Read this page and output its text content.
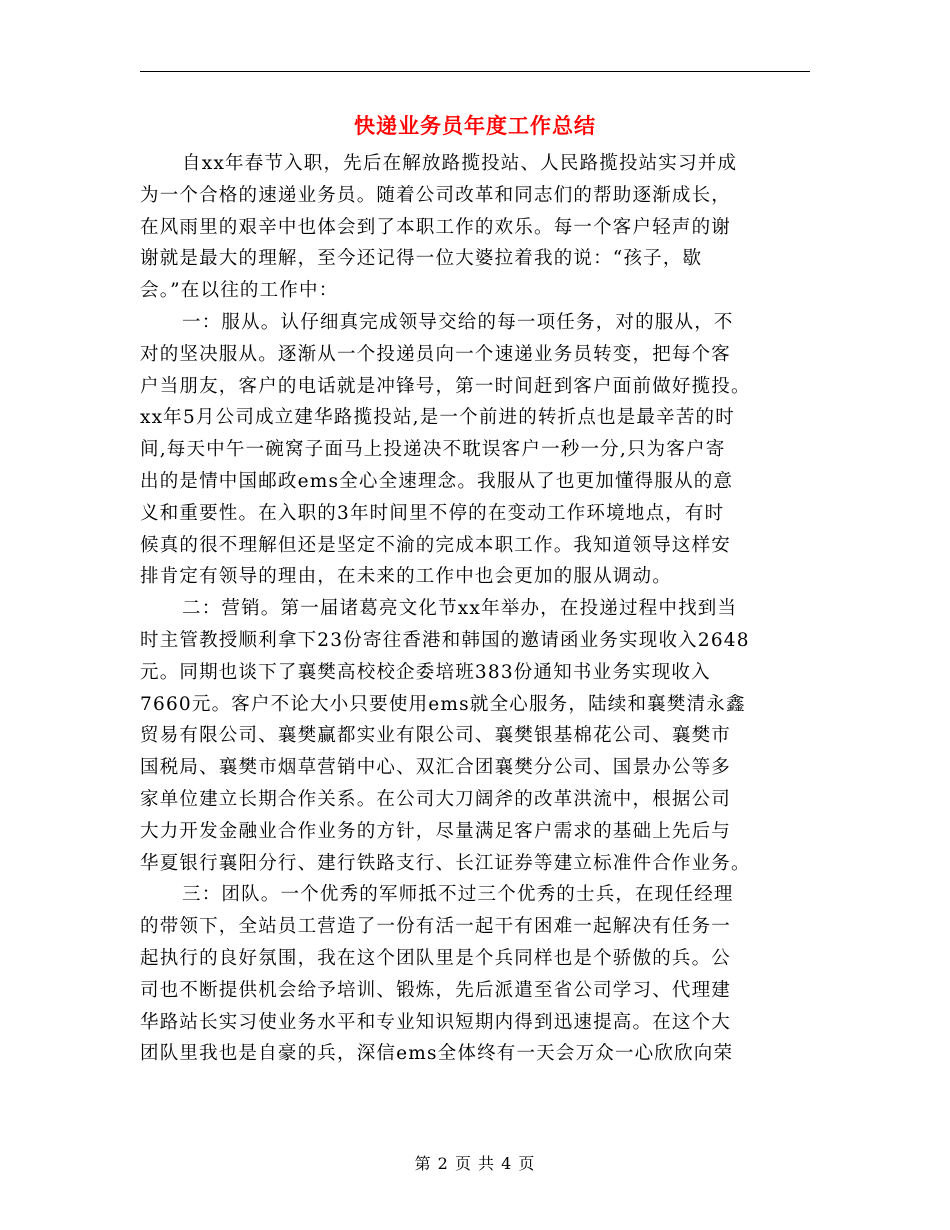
快递业务员年度工作总结
自xx年春节入职，先后在解放路揽投站、人民路揽投站实习并成
为一个合格的速递业务员。随着公司改革和同志们的帮助逐渐成长，
在风雨里的艰辛中也体会到了本职工作的欢乐。每一个客户轻声的谢
谢就是最大的理解，至今还记得一位大婆拉着我的说：“孩子，歇
会。”在以往的工作中：
一：服从。认仔细真完成领导交给的每一项任务，对的服从，不
对的坚决服从。逐渐从一个投递员向一个速递业务员转变，把每个客
户当朋友，客户的电话就是冲锋号，第一时间赶到客户面前做好揽投。
xx年5月公司成立建华路揽投站,是一个前进的转折点也是最辛苦的时
间,每天中午一碗窝子面马上投递决不耽误客户一秒一分,只为客户寄
出的是情中国邮政ems全心全速理念。我服从了也更加懂得服从的意
义和重要性。在入职的3年时间里不停的在变动工作环境地点，有时
候真的很不理解但还是坚定不渝的完成本职工作。我知道领导这样安
排肯定有领导的理由，在未来的工作中也会更加的服从调动。
二：营销。第一届诸葛亮文化节xx年举办，在投递过程中找到当
时主管教授顺利拿下23份寄往香港和韩国的邀请函业务实现收入2648
元。同期也谈下了襄樊高校校企委培班383份通知书业务实现收入
7660元。客户不论大小只要使用ems就全心服务，陆续和襄樊清永鑫
贸易有限公司、襄樊赢都实业有限公司、襄樊银基棉花公司、襄樊市
国税局、襄樊市烟草营销中心、双汇合团襄樊分公司、国景办公等多
家单位建立长期合作关系。在公司大刀阔斧的改革洪流中，根据公司
大力开发金融业合作业务的方针，尽量满足客户需求的基础上先后与
华夏银行襄阳分行、建行铁路支行、长江证券等建立标准件合作业务。
三：团队。一个优秀的军师抵不过三个优秀的士兵，在现任经理
的带领下，全站员工营造了一份有活一起干有困难一起解决有任务一
起执行的良好氛围，我在这个团队里是个兵同样也是个骄傲的兵。公
司也不断提供机会给予培训、锻炼，先后派遣至省公司学习、代理建
华路站长实习使业务水平和专业知识短期内得到迅速提高。在这个大
团队里我也是自豪的兵，深信ems全体终有一天会万众一心欣欣向荣
第 2 页 共 4 页
